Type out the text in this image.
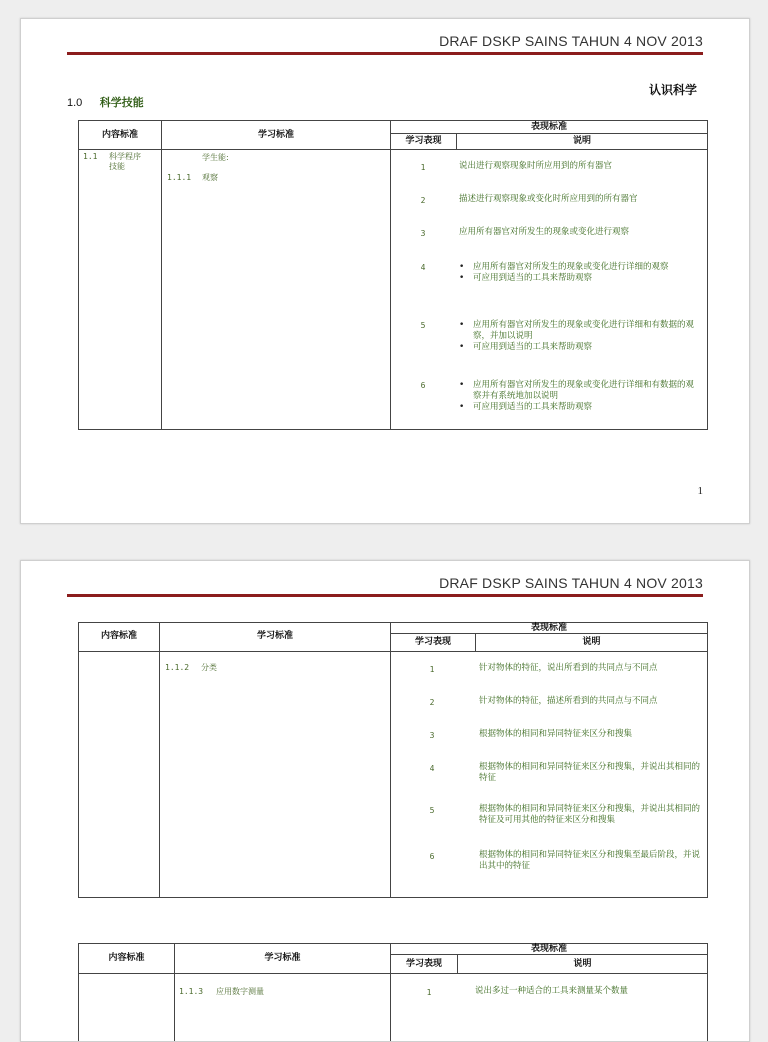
DRAF DSKP SAINS TAHUN 4 NOV 2013
认识科学
1.0 科学技能
内容标准	学习标准
表现标准
学习表现	说明
1.1 科学程序
技能
学生能:
1.1.1 观察
1	说出进行观察现象时所应用到的所有器官
2	描述进行观察现象或变化时所应用到的所有器官
3	应用所有器官对所发生的现象或变化进行观察
4	• 应用所有器官对所发生的现象或变化进行详细的观察
• 可应用到适当的工具来帮助观察
5	• 应用所有器官对所发生的现象或变化进行详细和有数据的观察，并加以说明
• 可应用到适当的工具来帮助观察
6	• 应用所有器官对所发生的现象或变化进行详细和有数据的观察并有系统地加以说明
• 可应用到适当的工具来帮助观察
1
DRAF DSKP SAINS TAHUN 4 NOV 2013
内容标准	学习标准
表现标准
学习表现	说明
1.1.2 分类	1	针对物体的特征，说出所看到的共同点与不同点
2	针对物体的特征，描述所看到的共同点与不同点
3	根据物体的相同和异同特征来区分和搜集
4	根据物体的相同和异同特征来区分和搜集，并说出其相同的特征
5	根据物体的相同和异同特征来区分和搜集，并说出其相同的特征及可用其他的特征来区分和搜集
6	根据物体的相同和异同特征来区分和搜集至最后阶段，并说出其中的特征
内容标准	学习标准
表现标准
学习表现	说明
1.1.3 应用数字测量	1	说出多过一种适合的工具来测量某个数量
